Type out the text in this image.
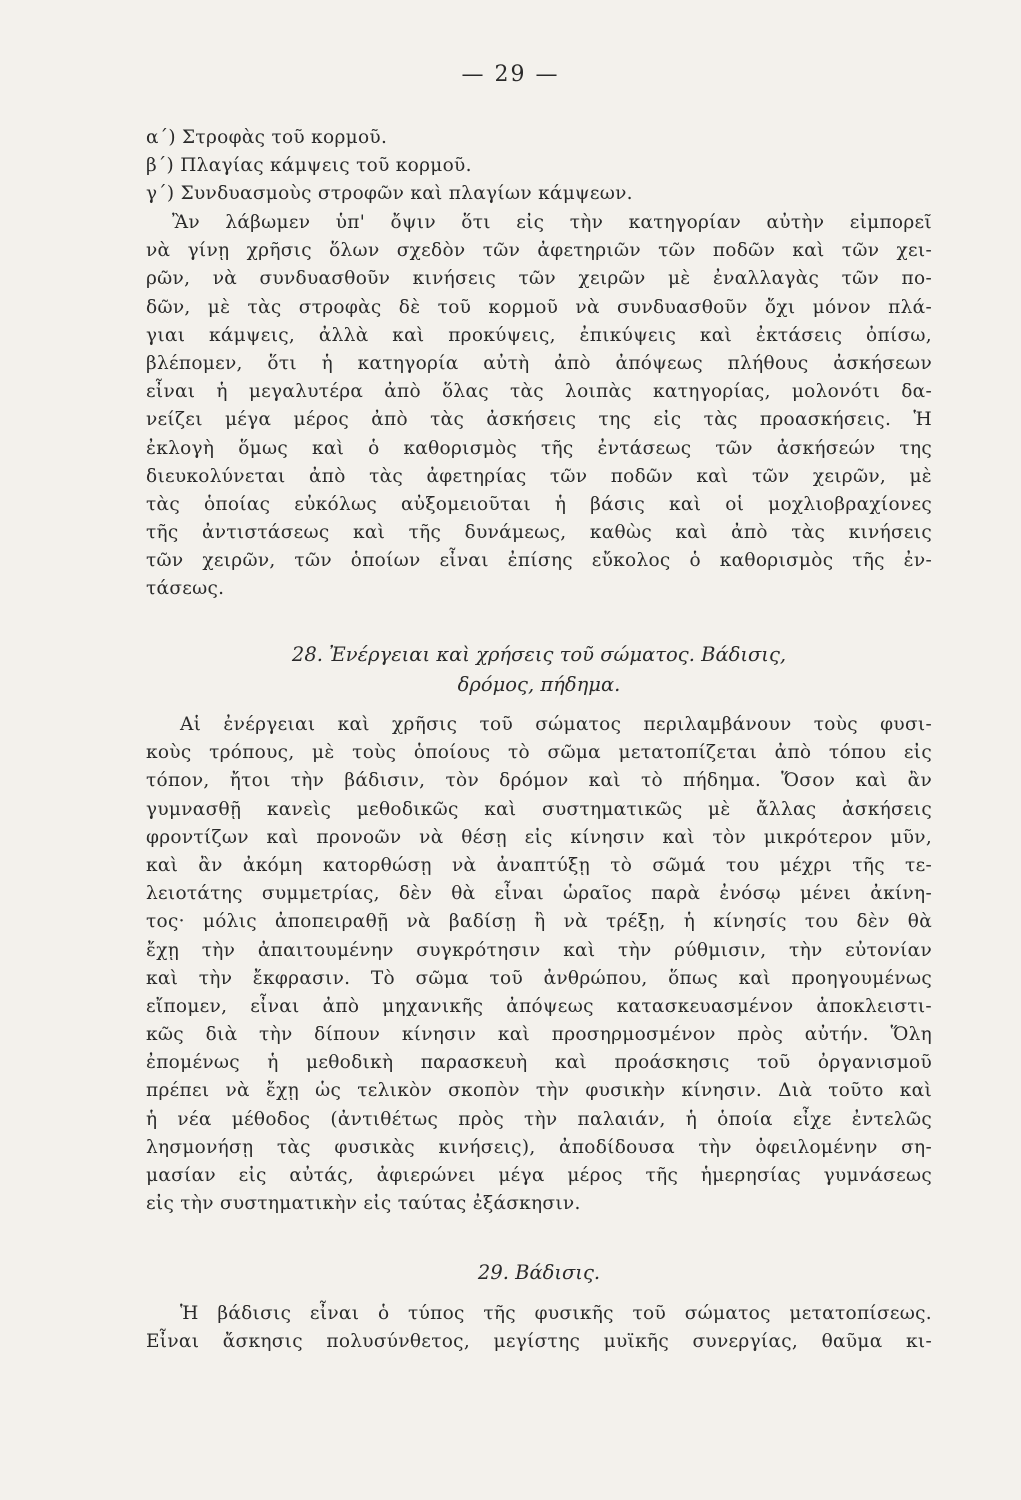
— 29 —
α΄) Στροφὰς τοῦ κορμοῦ.
β΄) Πλαγίας κάμψεις τοῦ κορμοῦ.
γ΄) Συνδυασμοὺς στροφῶν καὶ πλαγίων κάμψεων.
Ἂν λάβωμεν ὑπ' ὄψιν ὅτι εἰς τὴν κατηγορίαν αὐτὴν εἰμπορεῖ
νὰ γίνῃ χρῆσις ὅλων σχεδὸν τῶν ἀφετηριῶν τῶν ποδῶν καὶ τῶν χει-
ρῶν, νὰ συνδυασθοῦν κινήσεις τῶν χειρῶν μὲ ἐναλλαγὰς τῶν πο-
δῶν, μὲ τὰς στροφὰς δὲ τοῦ κορμοῦ νὰ συνδυασθοῦν ὄχι μόνον πλά-
γιαι κάμψεις, ἀλλὰ καὶ προκύψεις, ἐπικύψεις καὶ ἐκτάσεις ὀπίσω,
βλέπομεν, ὅτι ἡ κατηγορία αὐτὴ ἀπὸ ἀπόψεως πλήθους ἀσκήσεων
εἶναι ἡ μεγαλυτέρα ἀπὸ ὅλας τὰς λοιπὰς κατηγορίας, μολονότι δα-
νείζει μέγα μέρος ἀπὸ τὰς ἀσκήσεις της εἰς τὰς προασκήσεις. Ἡ
ἐκλογὴ ὅμως καὶ ὁ καθορισμὸς τῆς ἐντάσεως τῶν ἀσκήσεών της
διευκολύνεται ἀπὸ τὰς ἀφετηρίας τῶν ποδῶν καὶ τῶν χειρῶν, μὲ
τὰς ὁποίας εὐκόλως αὐξομειοῦται ἡ βάσις καὶ οἱ μοχλιοβραχίονες
τῆς ἀντιστάσεως καὶ τῆς δυνάμεως, καθὼς καὶ ἀπὸ τὰς κινήσεις
τῶν χειρῶν, τῶν ὁποίων εἶναι ἐπίσης εὔκολος ὁ καθορισμὸς τῆς ἐν-
τάσεως.
28. Ἐνέργειαι καὶ χρήσεις τοῦ σώματος. Βάδισις,
δρόμος, πήδημα.
Αἱ ἐνέργειαι καὶ χρῆσις τοῦ σώματος περιλαμβάνουν τοὺς φυσι-
κοὺς τρόπους, μὲ τοὺς ὁποίους τὸ σῶμα μετατοπίζεται ἀπὸ τόπου εἰς
τόπον, ἤτοι τὴν βάδισιν, τὸν δρόμον καὶ τὸ πήδημα. Ὅσον καὶ ἂν
γυμνασθῇ κανεὶς μεθοδικῶς καὶ συστηματικῶς μὲ ἄλλας ἀσκήσεις
φροντίζων καὶ προνοῶν νὰ θέσῃ εἰς κίνησιν καὶ τὸν μικρότερον μῦν,
καὶ ἂν ἀκόμη κατορθώσῃ νὰ ἀναπτύξῃ τὸ σῶμά του μέχρι τῆς τε-
λειοτάτης συμμετρίας, δὲν θὰ εἶναι ὡραῖος παρὰ ἐνόσῳ μένει ἀκίνη-
τος· μόλις ἀποπειραθῇ νὰ βαδίσῃ ἢ νὰ τρέξῃ, ἡ κίνησίς του δὲν θὰ
ἔχῃ τὴν ἀπαιτουμένην συγκρότησιν καὶ τὴν ρύθμισιν, τὴν εὐτονίαν
καὶ τὴν ἔκφρασιν. Τὸ σῶμα τοῦ ἀνθρώπου, ὅπως καὶ προηγουμένως
εἴπομεν, εἶναι ἀπὸ μηχανικῆς ἀπόψεως κατασκευασμένον ἀποκλειστι-
κῶς διὰ τὴν δίπουν κίνησιν καὶ προσηρμοσμένον πρὸς αὐτήν. Ὅλη
ἐπομένως ἡ μεθοδικὴ παρασκευὴ καὶ προάσκησις τοῦ ὀργανισμοῦ
πρέπει νὰ ἔχῃ ὡς τελικὸν σκοπὸν τὴν φυσικὴν κίνησιν. Διὰ τοῦτο καὶ
ἡ νέα μέθοδος (ἀντιθέτως πρὸς τὴν παλαιάν, ἡ ὁποία εἶχε ἐντελῶς
λησμονήσῃ τὰς φυσικὰς κινήσεις), ἀποδίδουσα τὴν ὀφειλομένην ση-
μασίαν εἰς αὐτάς, ἀφιερώνει μέγα μέρος τῆς ἡμερησίας γυμνάσεως
εἰς τὴν συστηματικὴν εἰς ταύτας ἐξάσκησιν.
29. Βάδισις.
Ἡ βάδισις εἶναι ὁ τύπος τῆς φυσικῆς τοῦ σώματος μετατοπίσεως.
Εἶναι ἄσκησις πολυσύνθετος, μεγίστης μυϊκῆς συνεργίας, θαῦμα κι-
